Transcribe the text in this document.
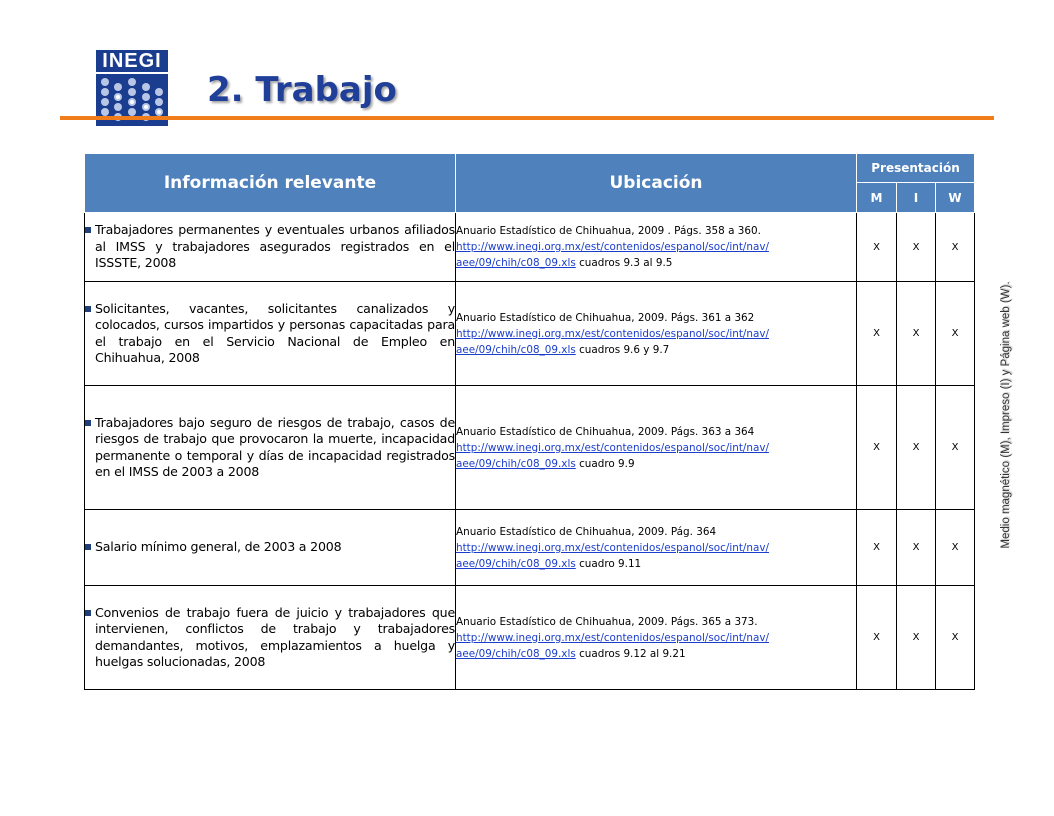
INEGI
2. Trabajo
Medio magnético (M), Impreso (I) y Página web (W).
Información relevante	Ubicación	Presentación		
		M	I	W

Trabajadores permanentes y eventuales urbanos afiliados al IMSS y trabajadores asegurados registrados en el ISSSTE, 2008	Anuario Estadístico de Chihuahua, 2009 . Págs. 358 a 360.
http://www.inegi.org.mx/est/contenidos/espanol/soc/int/nav/
aee/09/chih/c08_09.xls cuadros 9.3 al 9.5	X	X	X

Solicitantes, vacantes, solicitantes canalizados y colocados, cursos impartidos y personas capacitadas para el trabajo en el Servicio Nacional de Empleo en Chihuahua, 2008	Anuario Estadístico de Chihuahua, 2009. Págs. 361 a 362
http://www.inegi.org.mx/est/contenidos/espanol/soc/int/nav/
aee/09/chih/c08_09.xls cuadros 9.6 y 9.7	X	X	X

Trabajadores bajo seguro de riesgos de trabajo, casos de riesgos de trabajo que provocaron la muerte, incapacidad permanente o temporal y días de incapacidad registrados en el IMSS de 2003 a 2008	Anuario Estadístico de Chihuahua, 2009. Págs. 363 a 364
http://www.inegi.org.mx/est/contenidos/espanol/soc/int/nav/
aee/09/chih/c08_09.xls cuadro 9.9	X	X	X

Salario mínimo general, de 2003 a 2008	Anuario Estadístico de Chihuahua, 2009. Pág. 364
http://www.inegi.org.mx/est/contenidos/espanol/soc/int/nav/
aee/09/chih/c08_09.xls cuadro 9.11	X	X	X

Convenios de trabajo fuera de juicio y trabajadores que intervienen, conflictos de trabajo y trabajadores demandantes, motivos, emplazamientos a huelga y huelgas solucionadas, 2008	Anuario Estadístico de Chihuahua, 2009. Págs. 365 a 373.
http://www.inegi.org.mx/est/contenidos/espanol/soc/int/nav/
aee/09/chih/c08_09.xls cuadros 9.12 al 9.21	X	X	X
